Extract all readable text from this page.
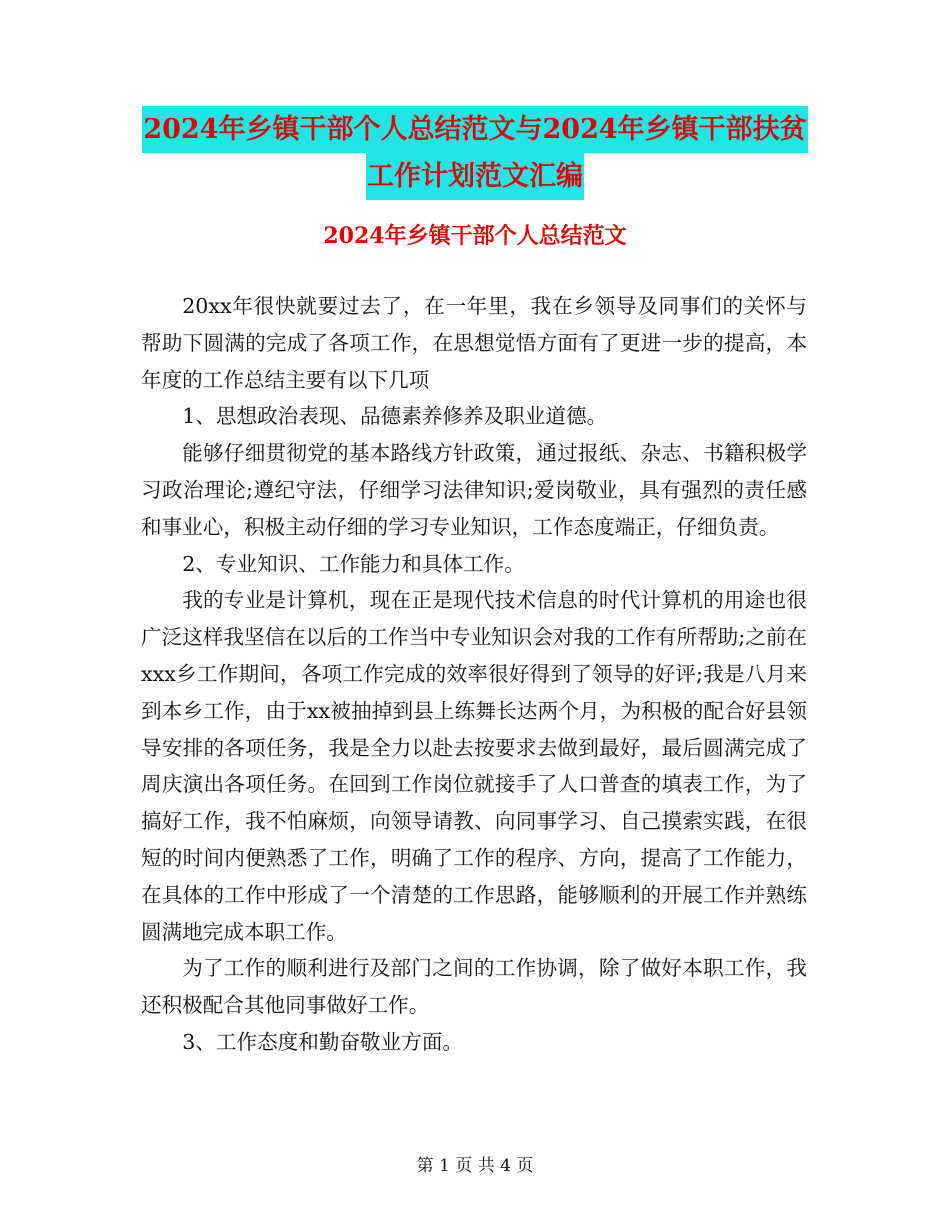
2024年乡镇干部个人总结范文与2024年乡镇干部扶贫
工作计划范文汇编
2024年乡镇干部个人总结范文

20xx年很快就要过去了，在一年里，我在乡领导及同事们的关怀与帮助下圆满的完成了各项工作，在思想觉悟方面有了更进一步的提高，本年度的工作总结主要有以下几项

1、思想政治表现、品德素养修养及职业道德。

能够仔细贯彻党的基本路线方针政策，通过报纸、杂志、书籍积极学习政治理论;遵纪守法，仔细学习法律知识;爱岗敬业，具有强烈的责任感和事业心，积极主动仔细的学习专业知识，工作态度端正，仔细负责。

2、专业知识、工作能力和具体工作。

我的专业是计算机，现在正是现代技术信息的时代计算机的用途也很广泛这样我坚信在以后的工作当中专业知识会对我的工作有所帮助;之前在xxx乡工作期间，各项工作完成的效率很好得到了领导的好评;我是八月来到本乡工作，由于xx被抽掉到县上练舞长达两个月，为积极的配合好县领导安排的各项任务，我是全力以赴去按要求去做到最好，最后圆满完成了周庆演出各项任务。在回到工作岗位就接手了人口普查的填表工作，为了搞好工作，我不怕麻烦，向领导请教、向同事学习、自己摸索实践，在很短的时间内便熟悉了工作，明确了工作的程序、方向，提高了工作能力，在具体的工作中形成了一个清楚的工作思路，能够顺利的开展工作并熟练圆满地完成本职工作。

为了工作的顺利进行及部门之间的工作协调，除了做好本职工作，我还积极配合其他同事做好工作。

3、工作态度和勤奋敬业方面。

第 1 页 共 4 页
